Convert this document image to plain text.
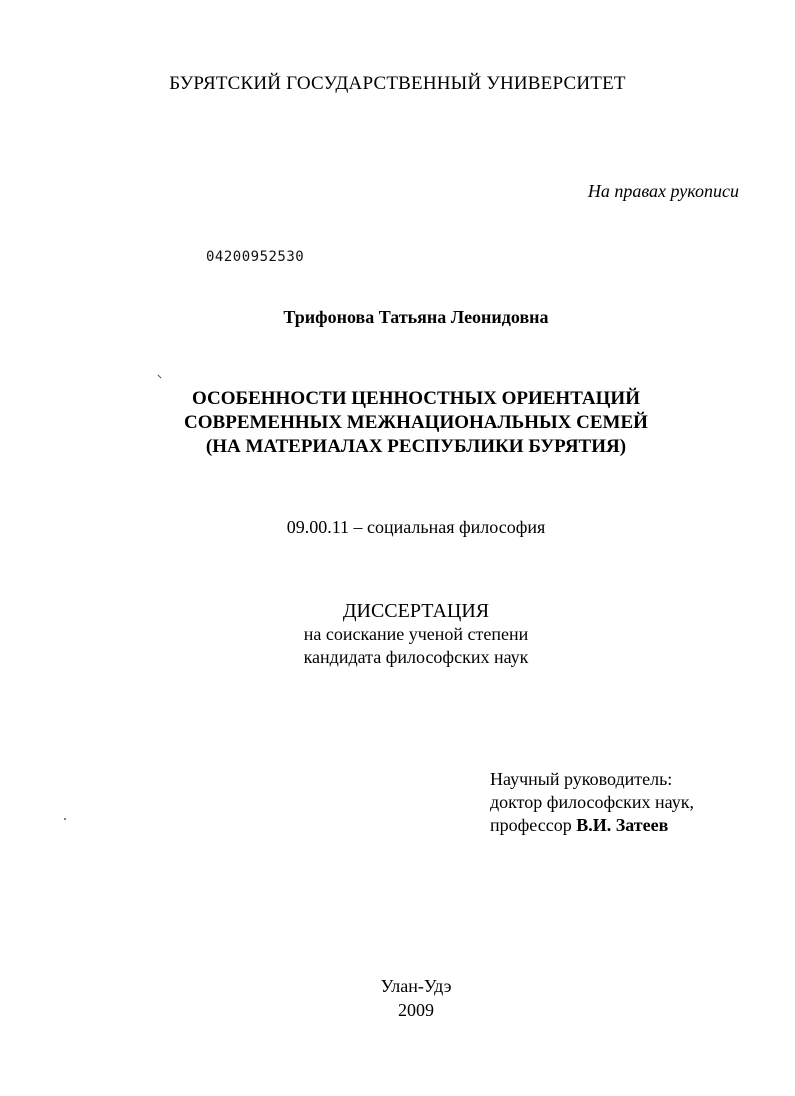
БУРЯТСКИЙ ГОСУДАРСТВЕННЫЙ УНИВЕРСИТЕТ
На правах рукописи
04200952530
Трифонова Татьяна Леонидовна
ОСОБЕННОСТИ ЦЕННОСТНЫХ ОРИЕНТАЦИЙ
СОВРЕМЕННЫХ МЕЖНАЦИОНАЛЬНЫХ СЕМЕЙ
(НА МАТЕРИАЛАХ РЕСПУБЛИКИ БУРЯТИЯ)
09.00.11 – социальная философия
ДИССЕРТАЦИЯ
на соискание ученой степени
кандидата философских наук
Научный руководитель:
доктор философских наук,
профессор В.И. Затеев
Улан-Удэ
2009
